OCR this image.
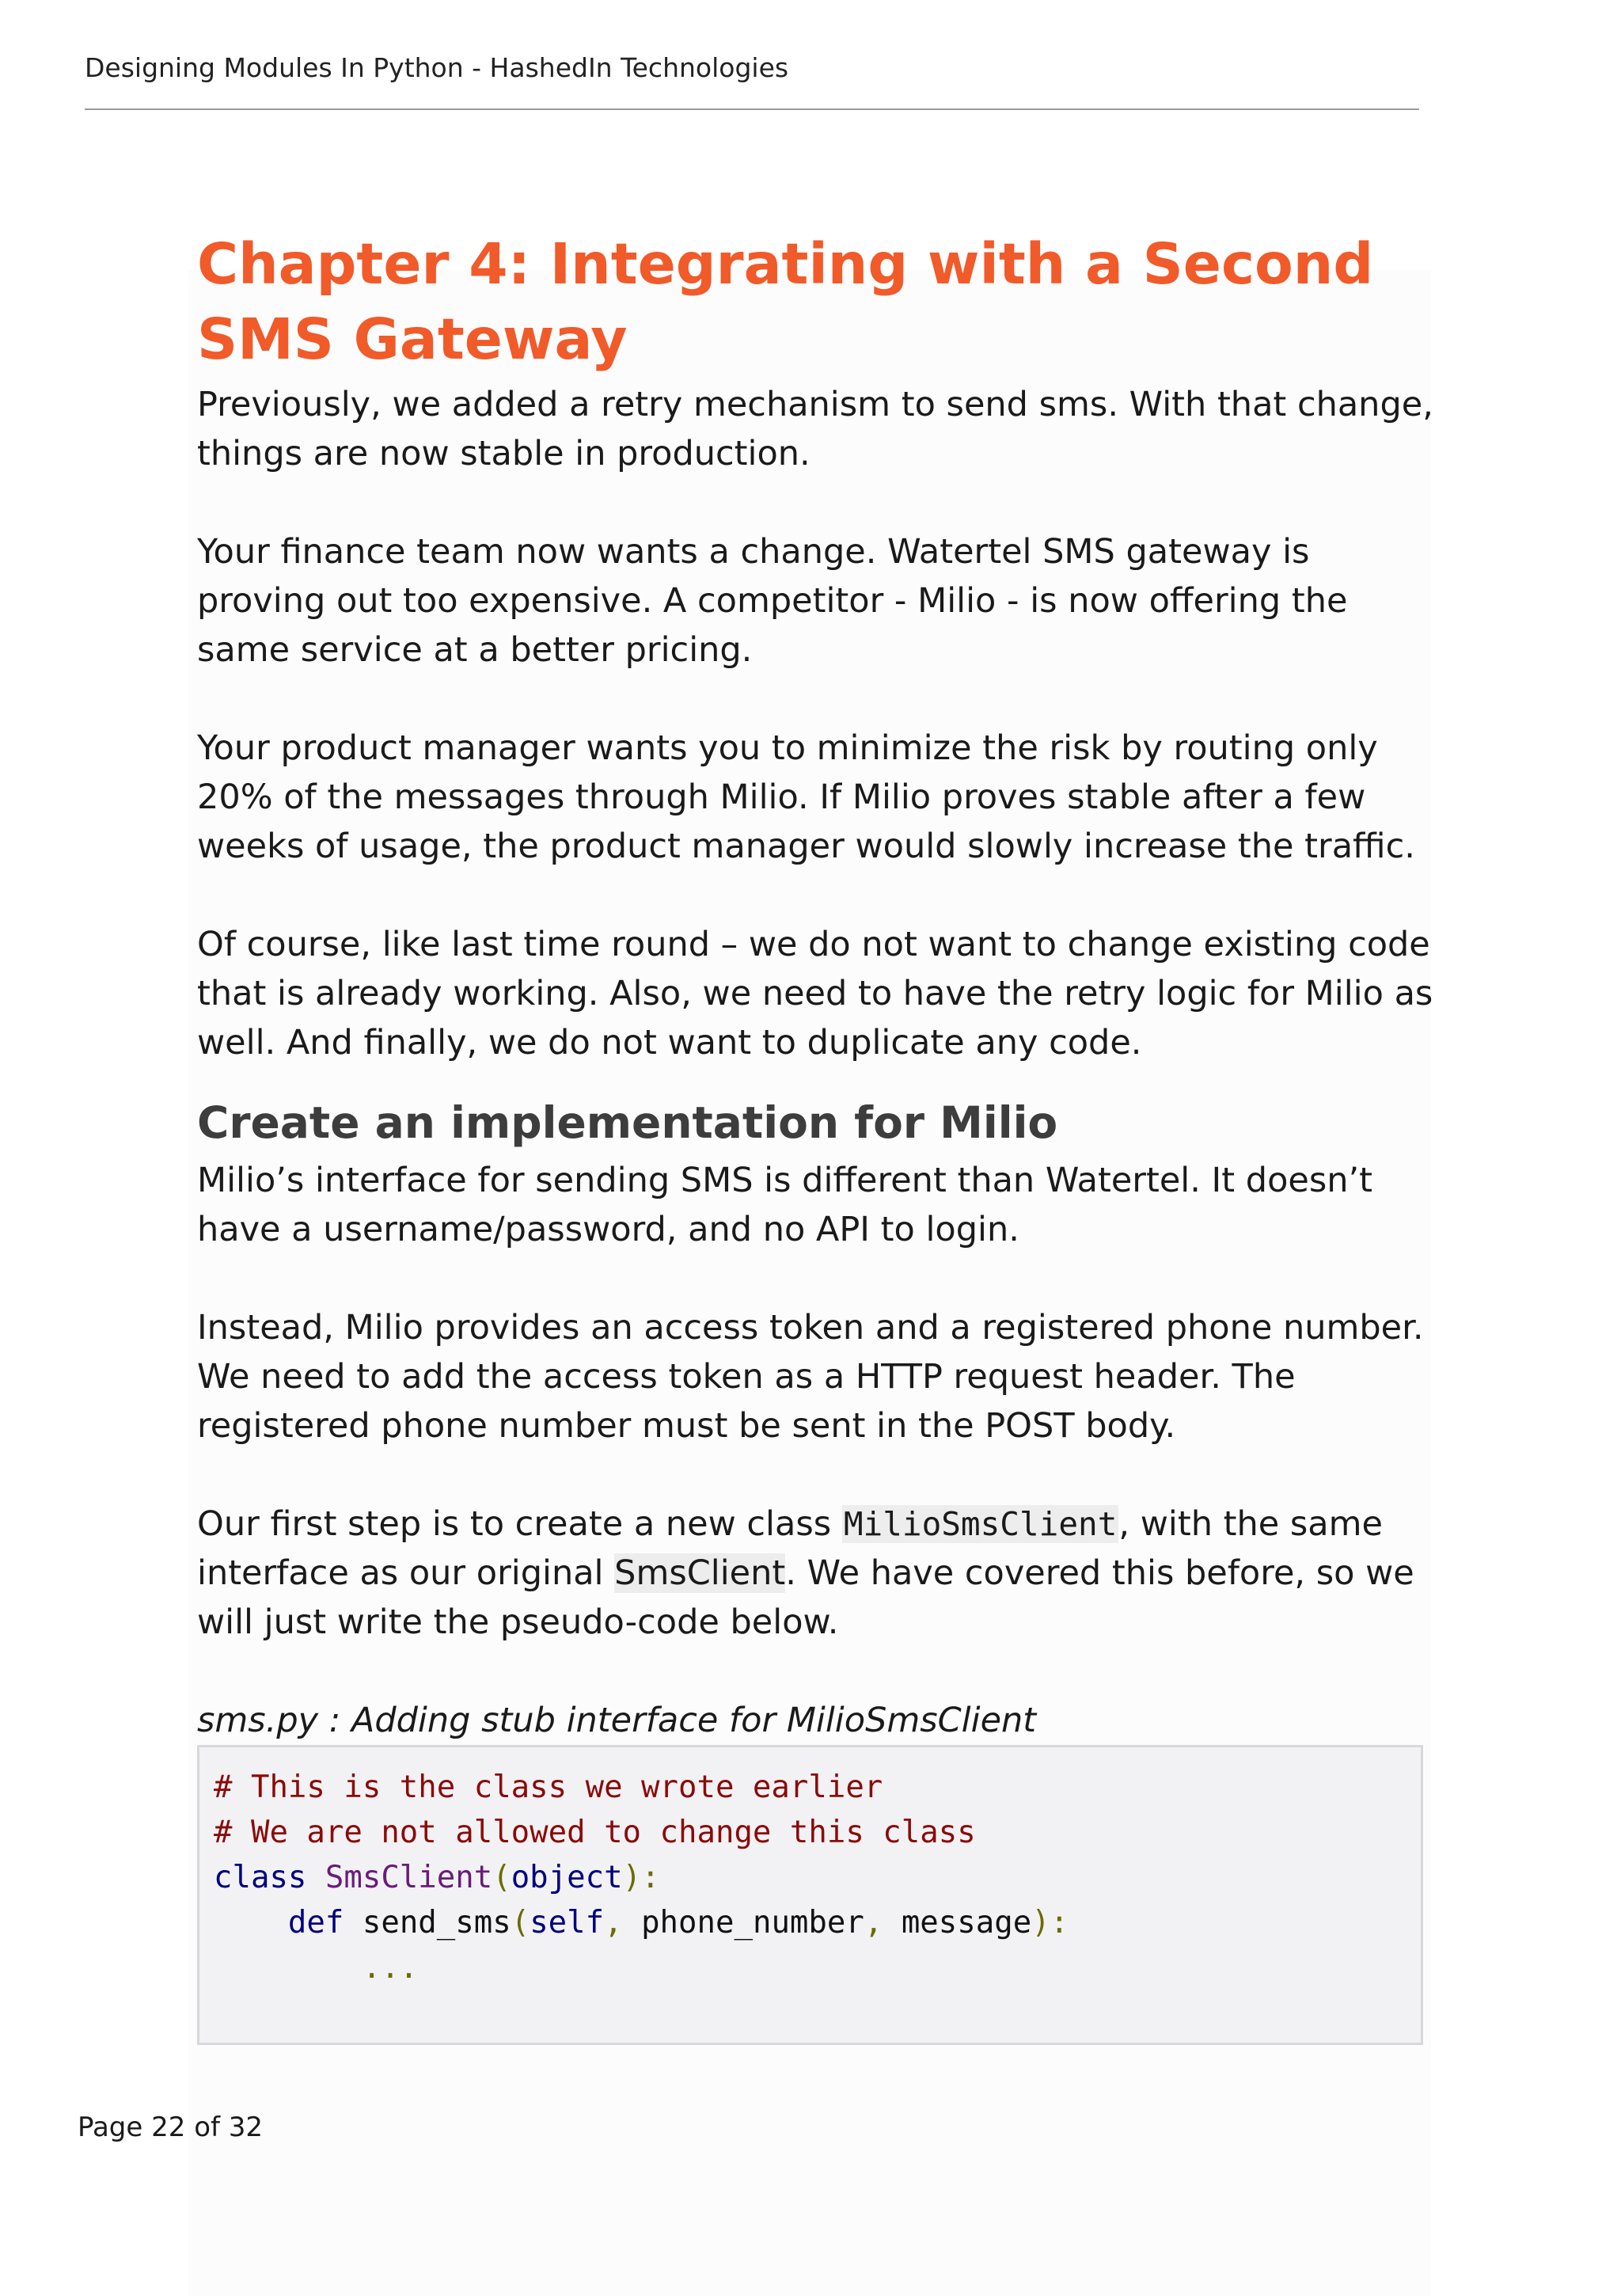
Designing Modules In Python - HashedIn Technologies
Chapter 4: Integrating with a Second SMS Gateway

Previously, we added a retry mechanism to send sms. With that change, things are now stable in production.

Your finance team now wants a change. Watertel SMS gateway is proving out too expensive. A competitor - Milio - is now offering the same service at a better pricing.

Your product manager wants you to minimize the risk by routing only 20% of the messages through Milio. If Milio proves stable after a few weeks of usage, the product manager would slowly increase the traffic.

Of course, like last time round – we do not want to change existing code that is already working. Also, we need to have the retry logic for Milio as well. And finally, we do not want to duplicate any code.

Create an implementation for Milio

Milio’s interface for sending SMS is different than Watertel. It doesn’t have a username/password, and no API to login.

Instead, Milio provides an access token and a registered phone number. We need to add the access token as a HTTP request header. The registered phone number must be sent in the POST body.

Our first step is to create a new class MilioSmsClient, with the same interface as our original SmsClient. We have covered this before, so we will just write the pseudo-code below.

sms.py : Adding stub interface for MilioSmsClient

# This is the class we wrote earlier
# We are not allowed to change this class
class SmsClient(object):
def send_sms(self, phone_number, message):
...
Page 22 of 32
